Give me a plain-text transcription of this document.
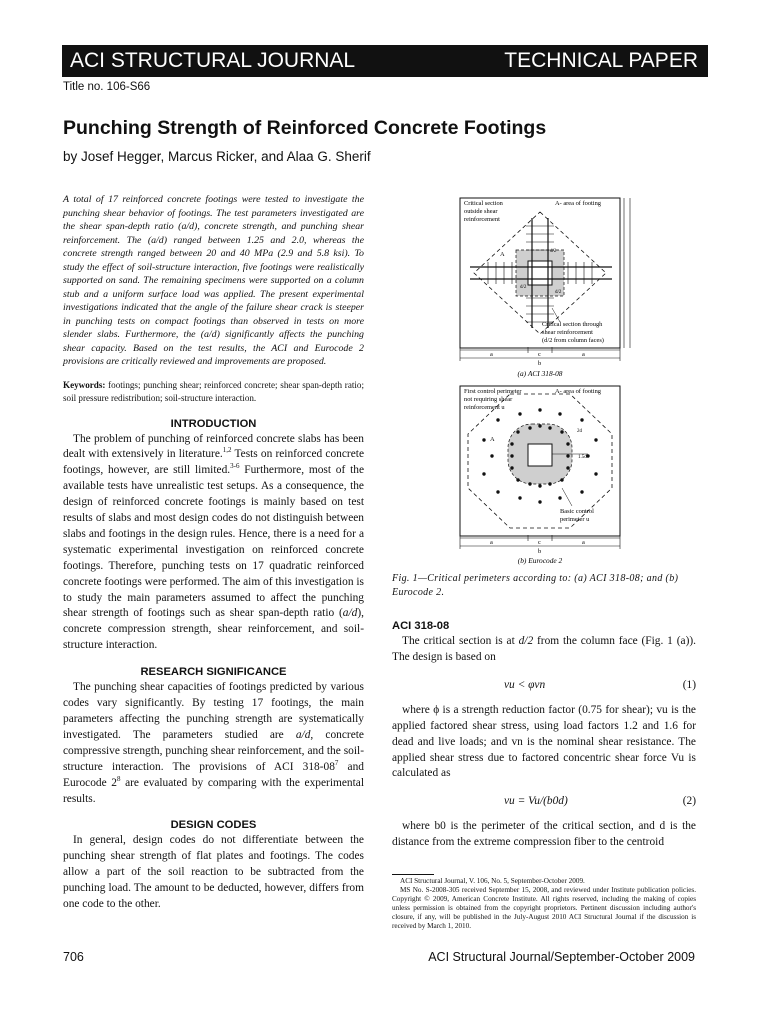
ACI STRUCTURAL JOURNAL	TECHNICAL PAPER
Title no. 106-S66
Punching Strength of Reinforced Concrete Footings
by Josef Hegger, Marcus Ricker, and Alaa G. Sherif

A total of 17 reinforced concrete footings were tested to investigate the punching shear behavior of footings. The test parameters investigated are the shear span-depth ratio (a/d), concrete strength, and punching shear reinforcement. The (a/d) ranged between 1.25 and 2.0, whereas the concrete strength ranged between 20 and 40 MPa (2.9 and 5.8 ksi). To study the effect of soil-structure interaction, five footings were realistically supported on sand. The remaining specimens were supported on a column stub and a uniform surface load was applied. The present experimental investigations indicated that the angle of the failure shear crack is steeper in punching tests on compact footings than observed in tests on more slender slabs. Furthermore, the (a/d) significantly affects the punching shear capacity. Based on the test results, the ACI and Eurocode 2 provisions are critically reviewed and improvements are proposed.

Keywords: footings; punching shear; reinforced concrete; shear span-depth ratio; soil pressure redistribution; soil-structure interaction.

INTRODUCTION

The problem of punching of reinforced concrete slabs has been dealt with extensively in literature.$^{1,2}$ Tests on reinforced concrete footings, however, are still limited.$^{3-6}$ Furthermore, most of the available tests have unrealistic test setups. As a consequence, the design of reinforced concrete footings is mainly based on test results of slabs and most design codes do not distinguish between slabs and footings in the design rules. Hence, there is a need for a systematic experimental investigation on reinforced concrete footings. Therefore, punching tests on 17 quadratic reinforced concrete footings were performed. The aim of this investigation is to study the main parameters assumed to affect the punching shear strength of footings such as shear span-depth ratio (a/d), concrete compression strength, shear reinforcement, and soil-structure interaction.

RESEARCH SIGNIFICANCE

The punching shear capacities of footings predicted by various codes vary significantly. By testing 17 footings, the main parameters affecting the punching strength are systematically investigated. The parameters studied are a/d, concrete compressive strength, punching shear reinforcement, and the soil-structure interaction. The provisions of ACI $318-08^7$ and Eurocode $2^8$ are evaluated by comparing with the experimental results.

DESIGN CODES

In general, design codes do not differentiate between the punching shear strength of flat plates and footings. The codes allow a part of the soil reaction to be subtracted from the punching load. The amount to be deducted, however, differs from one code to the other.

Critical section
outside shear
reinforcement
A- area of footing
A	d/2
d/2
d/2
Critical section through
shear reinforcement
(d/2 from column faces)
a	c	a
b
(a) ACI 318-08
First control perimeter
not requiring shear
reinforcement u
A- area of footing
A
2d
1.5d
Basic control
perimeter u
a	c	a
b
(b) Eurocode 2
Fig. 1—Critical perimeters according to: (a) ACI 318-08; and (b) Eurocode 2.
ACI 318-08

The critical section is at d/2 from the column face (Fig. 1 (a)). The design is based on

vu < φvn	(1)

where ϕ is a strength reduction factor (0.75 for shear); vu is the applied factored shear stress, using load factors 1.2 and 1.6 for dead and live loads; and vn is the nominal shear resistance. The applied shear stress due to factored concentric shear force Vu is calculated as

vu = Vu/(b0d)	(2)

where b0 is the perimeter of the critical section, and d is the distance from the extreme compression fiber to the centroid

ACI Structural Journal, V. 106, No. 5, September-October 2009.
MS No. S-2008-305 received September 15, 2008, and reviewed under Institute publication policies. Copyright © 2009, American Concrete Institute. All rights reserved, including the making of copies unless permission is obtained from the copyright proprietors. Pertinent discussion including author's closure, if any, will be published in the July-August 2010 ACI Structural Journal if the discussion is received by March 1, 2010.
706	ACI Structural Journal/September-October 2009
